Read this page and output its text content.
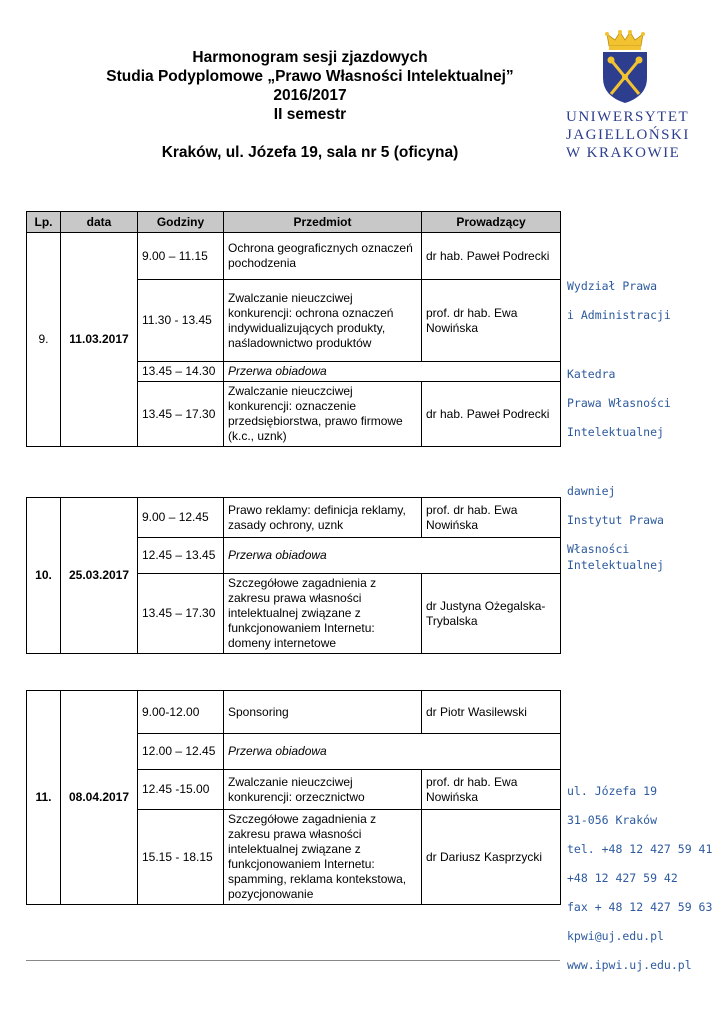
Harmonogram sesji zjazdowych
Studia Podyplomowe „Prawo Własności Intelektualnej”
2016/2017
II semestr
Kraków, ul. Józefa 19, sala nr 5 (oficyna)
UNIWERSYTET
JAGIELLOŃSKI
W KRAKOWIE
Lp.	data	Godziny	Przedmiot	Prowadzący
9.	11.03.2017	9.00 – 11.15	Ochrona geograficznych oznaczeń pochodzenia	dr hab. Paweł Podrecki
		11.30 - 13.45	Zwalczanie nieuczciwej konkurencji: ochrona oznaczeń indywidualizujących produkty, naśladownictwo produktów	prof. dr hab. Ewa Nowińska
		13.45 – 14.30	Przerwa obiadowa	
		13.45 – 17.30	Zwalczanie nieuczciwej konkurencji: oznaczenie przedsiębiorstwa, prawo firmowe (k.c., uznk)	dr hab. Paweł Podrecki
10.	25.03.2017	9.00 – 12.45	Prawo reklamy: definicja reklamy, zasady ochrony, uznk	prof. dr hab. Ewa Nowińska
		12.45 – 13.45	Przerwa obiadowa	
		13.45 – 17.30	Szczegółowe zagadnienia z zakresu prawa własności intelektualnej związane z funkcjonowaniem Internetu: domeny internetowe	dr Justyna Ożegalska-Trybalska
11.	08.04.2017	9.00-12.00	Sponsoring	dr Piotr Wasilewski
		12.00 – 12.45	Przerwa obiadowa	
		12.45 -15.00	Zwalczanie nieuczciwej konkurencji: orzecznictwo	prof. dr hab. Ewa Nowińska
		15.15 - 18.15	Szczegółowe zagadnienia z zakresu prawa własności intelektualnej związane z funkcjonowaniem Internetu: spamming, reklama kontekstowa, pozycjonowanie	dr Dariusz Kasprzycki
Wydział Prawa
i Administracji
Katedra
Prawa Własności
Intelektualnej
dawniej
Instytut Prawa
Własności Intelektualnej
ul. Józefa 19
31-056 Kraków
tel. +48 12 427 59 41
+48 12 427 59 42
fax + 48 12 427 59 63
kpwi@uj.edu.pl
www.ipwi.uj.edu.pl
